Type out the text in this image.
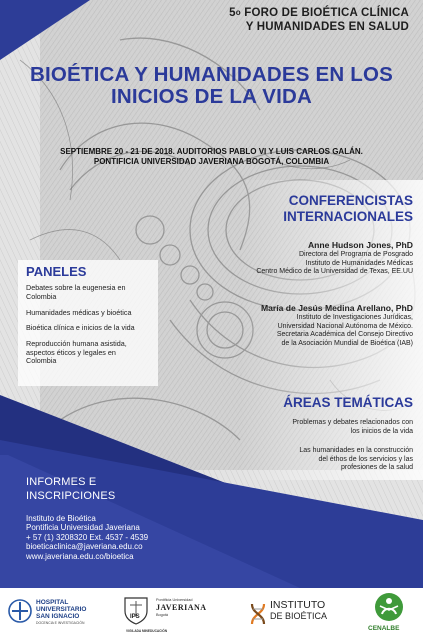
5$^o$ FORO DE BIOÉTICA CLÍNICA
Y HUMANIDADES EN SALUD
BIOÉTICA Y HUMANIDADES EN LOS
INICIOS DE LA VIDA
SEPTIEMBRE 20 - 21 DE 2018. AUDITORIOS PABLO VI Y LUIS CARLOS GALÁN.
PONTIFICIA UNIVERSIDAD JAVERIANA BOGOTÁ, COLOMBIA
CONFERENCISTAS
INTERNACIONALES
Anne Hudson Jones, PhD
Directora del Programa de Posgrado
Instituto de Humanidades Médicas
Centro Médico de la Universidad de Texas, EE.UU
María de Jesús Medina Arellano, PhD
Instituto de Investigaciones Jurídicas,
Universidad Nacional Autónoma de México.
Secretaria Académica del Consejo Directivo
de la Asociación Mundial de Bioética (IAB)
PANELES
Debates sobre la eugenesia en
Colombia
Humanidades médicas y bioética
Bioética clínica e inicios de la vida
Reproducción humana asistida,
aspectos éticos y legales en
Colombia
ÁREAS TEMÁTICAS
Problemas y debates relacionados con
los inicios de la vida
Las humanidades en la construcción
del éthos de los servicios y las
profesiones de la salud
INFORMES E
INSCRIPCIONES
Instituto de Bioética
Pontificia Universidad Javeriana
+ 57 (1) 3208320 Ext. 4537 - 4539
bioeticaclinica@javeriana.edu.co
www.javeriana.edu.co/bioetica
HOSPITAL
UNIVERSITARIO
SAN IGNACIO
DOCENCIA E INVESTIGACIÓN
IPS
Pontificia Universidad
JAVERIANA
Bogotá
VIGILADA MINEDUCACIÓN
INSTITUTO
DE BIOÉTICA
CENALBE
